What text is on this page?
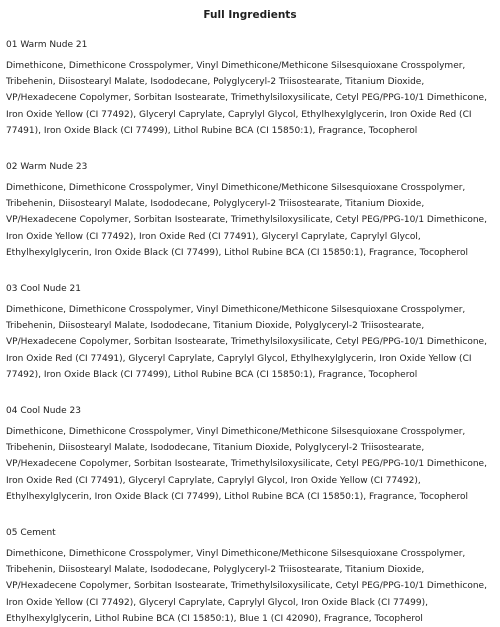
Full Ingredients
01 Warm Nude 21

Dimethicone, Dimethicone Crosspolymer, Vinyl Dimethicone/Methicone Silsesquioxane Crosspolymer, Tribehenin, Diisostearyl Malate, Isododecane, Polyglyceryl-2 Triisostearate, Titanium Dioxide, VP/Hexadecene Copolymer, Sorbitan Isostearate, Trimethylsiloxysilicate, Cetyl PEG/PPG-10/1 Dimethicone, Iron Oxide Yellow (CI 77492), Glyceryl Caprylate, Caprylyl Glycol, Ethylhexylglycerin, Iron Oxide Red (CI 77491), Iron Oxide Black (CI 77499), Lithol Rubine BCA (CI 15850:1), Fragrance, Tocopherol

02 Warm Nude 23

Dimethicone, Dimethicone Crosspolymer, Vinyl Dimethicone/Methicone Silsesquioxane Crosspolymer, Tribehenin, Diisostearyl Malate, Isododecane, Polyglyceryl-2 Triisostearate, Titanium Dioxide, VP/Hexadecene Copolymer, Sorbitan Isostearate, Trimethylsiloxysilicate, Cetyl PEG/PPG-10/1 Dimethicone, Iron Oxide Yellow (CI 77492), Iron Oxide Red (CI 77491), Glyceryl Caprylate, Caprylyl Glycol, Ethylhexylglycerin, Iron Oxide Black (CI 77499), Lithol Rubine BCA (CI 15850:1), Fragrance, Tocopherol

03 Cool Nude 21

Dimethicone, Dimethicone Crosspolymer, Vinyl Dimethicone/Methicone Silsesquioxane Crosspolymer, Tribehenin, Diisostearyl Malate, Isododecane, Titanium Dioxide, Polyglyceryl-2 Triisostearate, VP/Hexadecene Copolymer, Sorbitan Isostearate, Trimethylsiloxysilicate, Cetyl PEG/PPG-10/1 Dimethicone, Iron Oxide Red (CI 77491), Glyceryl Caprylate, Caprylyl Glycol, Ethylhexylglycerin, Iron Oxide Yellow (CI 77492), Iron Oxide Black (CI 77499), Lithol Rubine BCA (CI 15850:1), Fragrance, Tocopherol

04 Cool Nude 23

Dimethicone, Dimethicone Crosspolymer, Vinyl Dimethicone/Methicone Silsesquioxane Crosspolymer, Tribehenin, Diisostearyl Malate, Isododecane, Titanium Dioxide, Polyglyceryl-2 Triisostearate, VP/Hexadecene Copolymer, Sorbitan Isostearate, Trimethylsiloxysilicate, Cetyl PEG/PPG-10/1 Dimethicone, Iron Oxide Red (CI 77491), Glyceryl Caprylate, Caprylyl Glycol, Iron Oxide Yellow (CI 77492), Ethylhexylglycerin, Iron Oxide Black (CI 77499), Lithol Rubine BCA (CI 15850:1), Fragrance, Tocopherol

05 Cement

Dimethicone, Dimethicone Crosspolymer, Vinyl Dimethicone/Methicone Silsesquioxane Crosspolymer, Tribehenin, Diisostearyl Malate, Isododecane, Polyglyceryl-2 Triisostearate, Titanium Dioxide, VP/Hexadecene Copolymer, Sorbitan Isostearate, Trimethylsiloxysilicate, Cetyl PEG/PPG-10/1 Dimethicone, Iron Oxide Yellow (CI 77492), Glyceryl Caprylate, Caprylyl Glycol, Iron Oxide Black (CI 77499), Ethylhexylglycerin, Lithol Rubine BCA (CI 15850:1), Blue 1 (CI 42090), Fragrance, Tocopherol
